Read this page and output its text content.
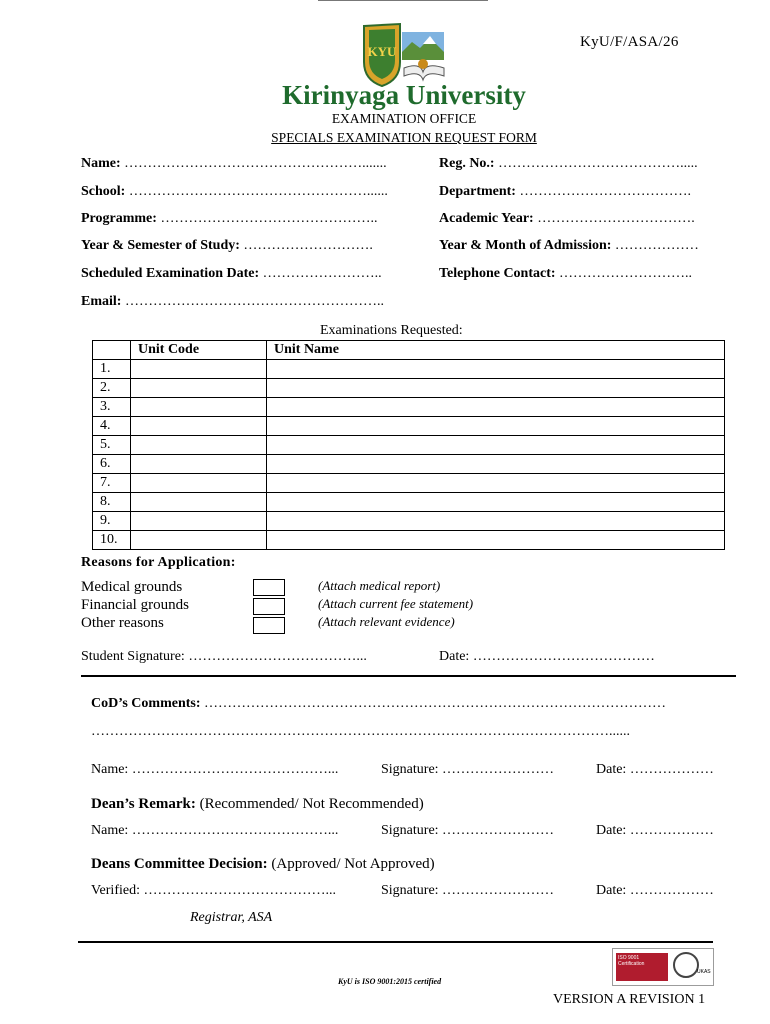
KYU
KyU/F/ASA/26
Kirinyaga University
EXAMINATION OFFICE
SPECIALS EXAMINATION REQUEST FORM
Name: …………………………………………….......	Reg. No.: ………………………………….....
School: ……………………………………………......	Department: ……………………………….
Programme: ………………………………………..	Academic Year: …………………………….
Year & Semester of Study: ……………………….	Year & Month of Admission: ………………
Scheduled Examination Date: ……………………..	Telephone Contact: ………………………..
Email: ………………………………………………..
Examinations Requested:
	Unit Code	Unit Name
1.		
2.		
3.		
4.		
5.		
6.		
7.		
8.		
9.		
10.		
Reasons for Application:
Medical grounds	(Attach medical report)
Financial grounds	(Attach current fee statement)
Other reasons	(Attach relevant evidence)
Student Signature: ………………………………...	Date: …………………………………
CoD’s Comments: ………………………………………………………………………………………
…………………………………………………………………………………………………......
Name: ……………………………………...	Signature: ……………………	Date: ………………
Dean’s Remark: (Recommended/ Not Recommended)
Name: ……………………………………...	Signature: ……………………	Date: ………………
Deans Committee Decision: (Approved/ Not Approved)
Verified: …………………………………...	Signature: ……………………	Date: ………………
Registrar, ASA
KyU is ISO 9001:2015 certified
ISO 9001 Certification
UKAS
VERSION A REVISION 1
